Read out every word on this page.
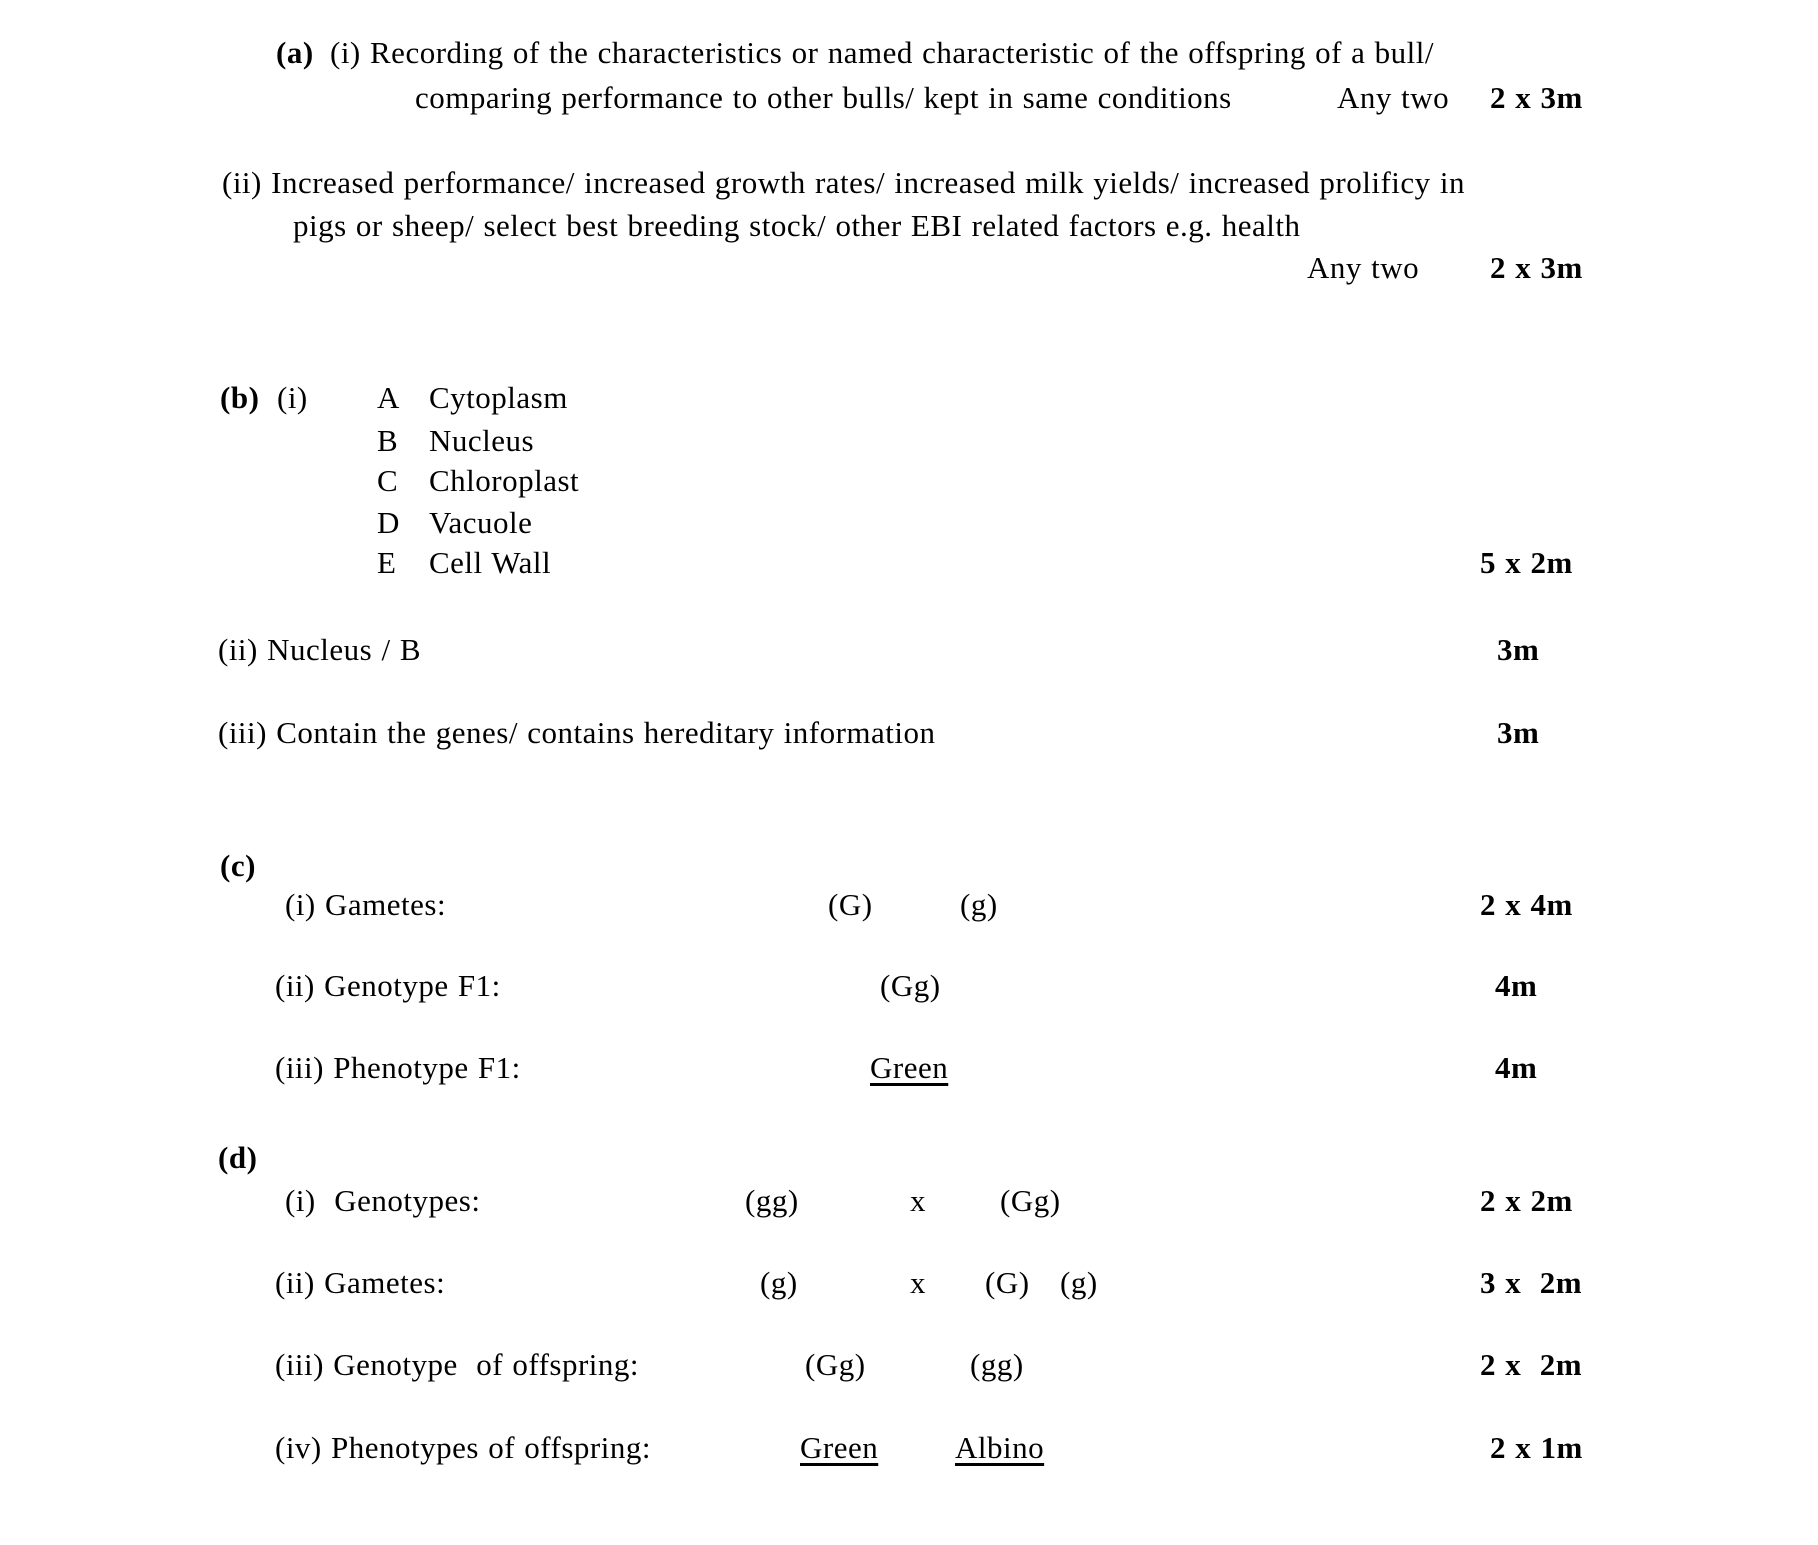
(a) (i) Recording of the characteristics or named characteristic of the offspring of a bull/
comparing performance to other bulls/ kept in same conditions	Any two 2 x 3m
(ii) Increased performance/ increased growth rates/ increased milk yields/ increased prolificy in
pigs or sheep/ select best breeding stock/ other EBI related factors e.g. health
Any two 2 x 3m
(b) (i) A Cytoplasm
B Nucleus
C Chloroplast
D Vacuole
E Cell Wall	5 x 2m
(ii) Nucleus / B	3m
(iii) Contain the genes/ contains hereditary information	3m
(c)
(i) Gametes:	(G)	(g)	2 x 4m
(ii) Genotype F1:	(Gg)	4m
(iii) Phenotype F1:	Green	4m
(d)
(i)  Genotypes:	(gg)	x (Gg)	2 x 2m
(ii) Gametes:	(g)	x (G) (g)	3 x  2m
(iii) Genotype  of offspring:	(Gg)	(gg)	2 x  2m
(iv) Phenotypes of offspring:	Green Albino	2 x 1m
